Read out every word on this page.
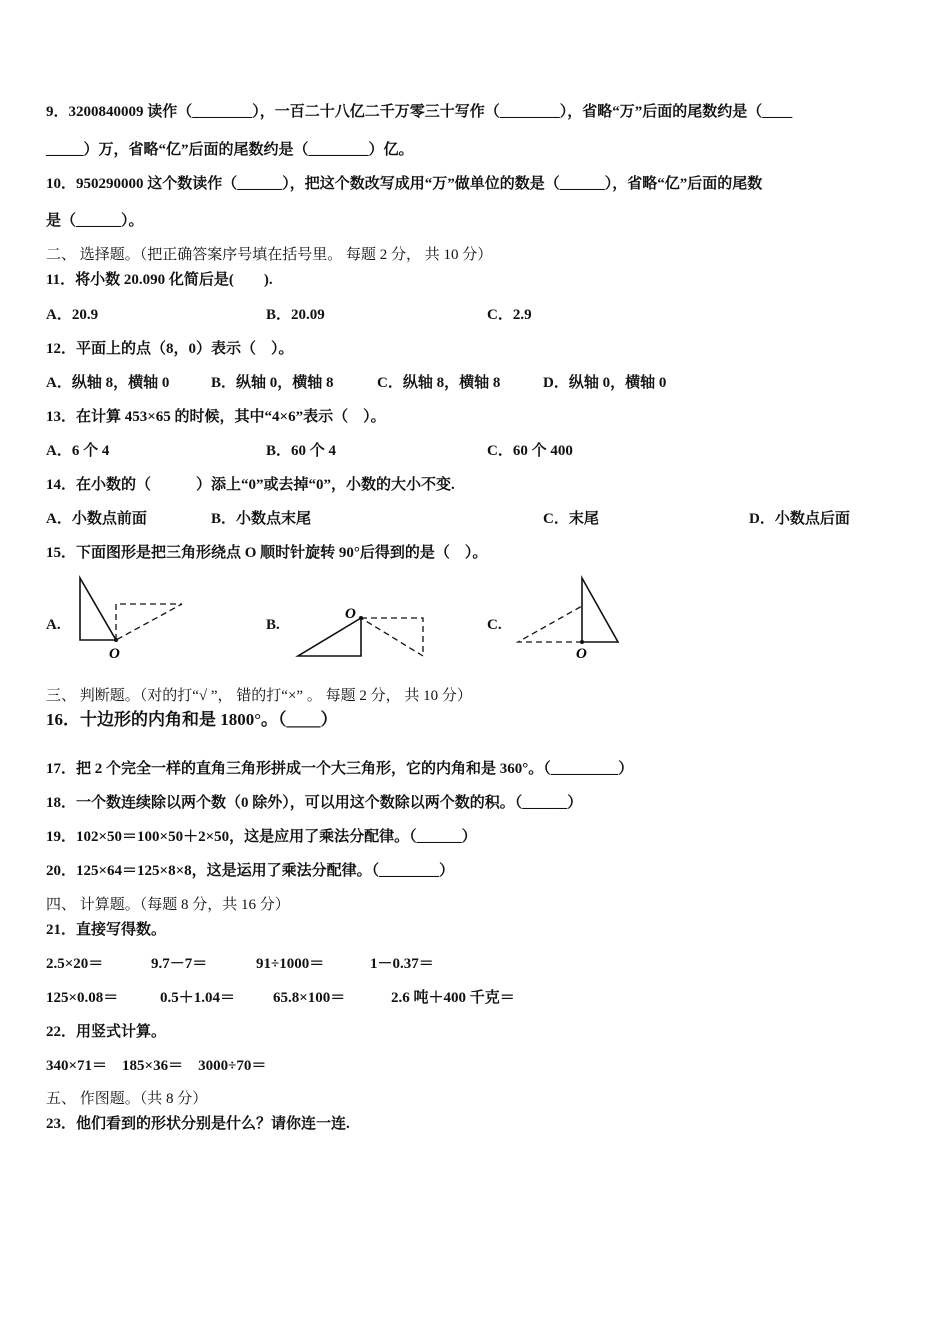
9．3200840009 读作（________），一百二十八亿二千万零三十写作（________），省略“万”后面的尾数约是（____
_____）万，省略“亿”后面的尾数约是（________）亿。
10．950290000 这个数读作（______），把这个数改写成用“万”做单位的数是（______），省略“亿”后面的尾数
是（______）。
二、 选择题。（把正确答案序号填在括号里。 每题 2 分， 共 10 分）
11．将小数 20.090 化简后是(　　).
A．20.9	B．20.09	C．2.9
12．平面上的点（8，0）表示（　）。
A．纵轴 8，横轴 0	B．纵轴 0，横轴 8	C．纵轴 8，横轴 8	D．纵轴 0，横轴 0
13．在计算 453×65 的时候，其中“4×6”表示（　）。
A．6 个 4	B．60 个 4	C．60 个 400
14．在小数的（　　　）添上“0”或去掉“0”，小数的大小不变.
A．小数点前面	B．小数点末尾	C．末尾	D．小数点后面
15．下面图形是把三角形绕点 O 顺时针旋转 90°后得到的是（　）。
A.
O
B.
O
C.
O
三、 判断题。（对的打“√ ”， 错的打“×” 。 每题 2 分， 共 10 分）
16．十边形的内角和是 1800°。（____）
17．把 2 个完全一样的直角三角形拼成一个大三角形，它的内角和是 360°。（_________）
18．一个数连续除以两个数（0 除外），可以用这个数除以两个数的积。（______）
19．102×50＝100×50＋2×50，这是应用了乘法分配律。（______）
20．125×64＝125×8×8，这是运用了乘法分配律。（________）
四、 计算题。（每题 8 分，共 16 分）
21．直接写得数。
2.5×20＝	9.7－7＝	91÷1000＝	1－0.37＝
125×0.08＝	0.5＋1.04＝	65.8×100＝	2.6 吨＋400 千克＝
22．用竖式计算。
340×71＝　185×36＝　3000÷70＝
五、 作图题。（共 8 分）
23．他们看到的形状分别是什么？请你连一连.
